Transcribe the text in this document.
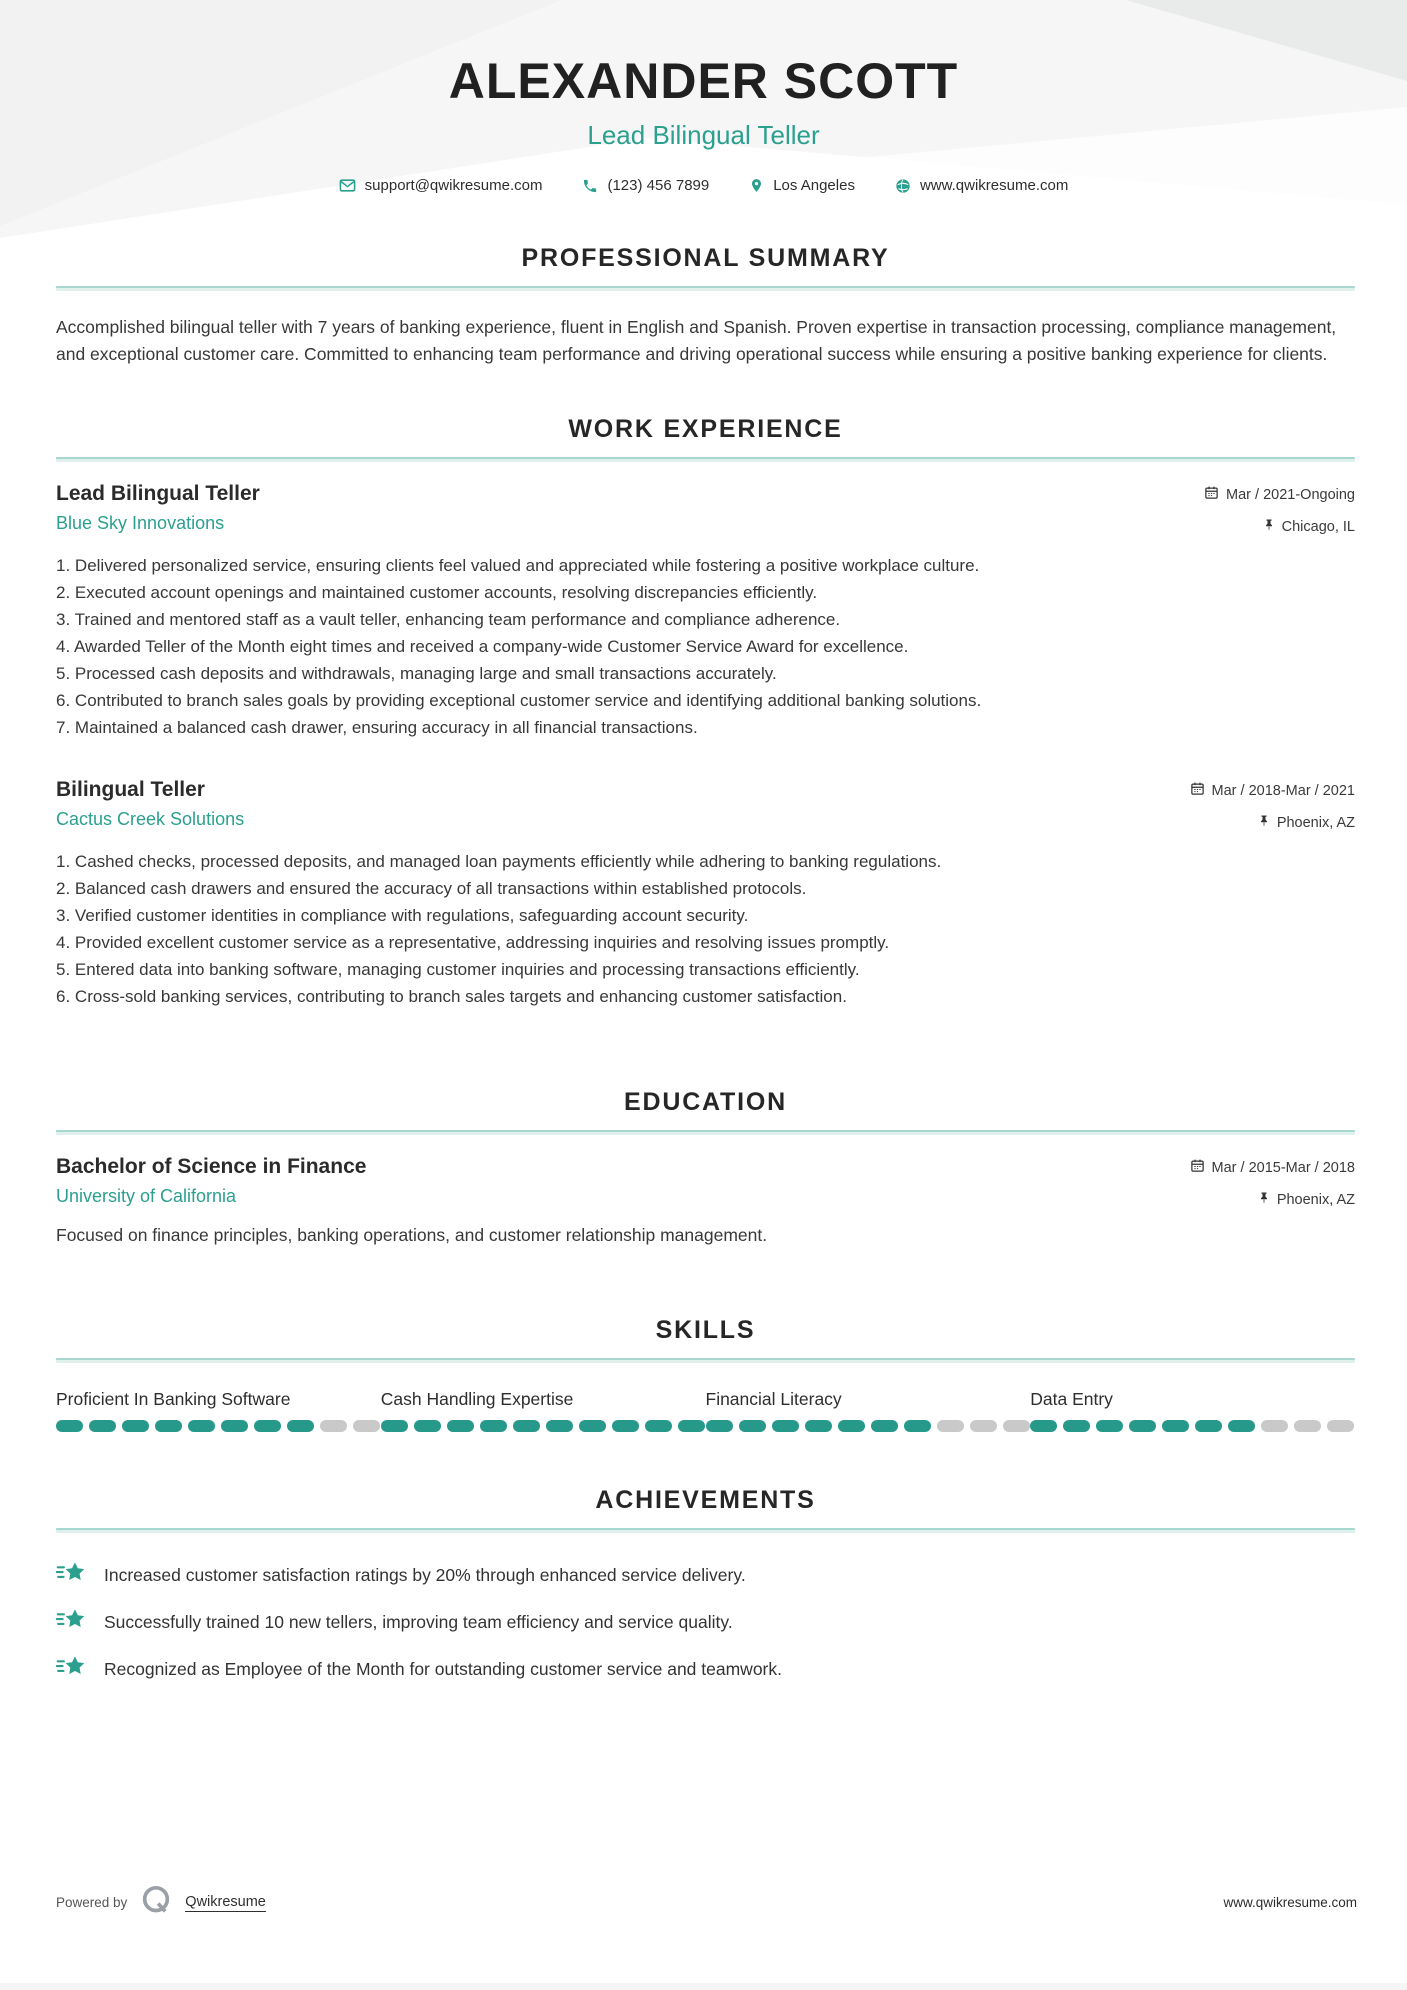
ALEXANDER SCOTT
Lead Bilingual Teller
support@qwikresume.com	(123) 456 7899	Los Angeles	www.qwikresume.com
PROFESSIONAL SUMMARY

Accomplished bilingual teller with 7 years of banking experience, fluent in English and Spanish. Proven expertise in transaction processing, compliance management, and exceptional customer care. Committed to enhancing team performance and driving operational success while ensuring a positive banking experience for clients.

WORK EXPERIENCE
Lead Bilingual Teller
Blue Sky Innovations
Mar / 2021-Ongoing
Chicago, IL
Delivered personalized service, ensuring clients feel valued and appreciated while fostering a positive workplace culture.
Executed account openings and maintained customer accounts, resolving discrepancies efficiently.
Trained and mentored staff as a vault teller, enhancing team performance and compliance adherence.
Awarded Teller of the Month eight times and received a company-wide Customer Service Award for excellence.
Processed cash deposits and withdrawals, managing large and small transactions accurately.
Contributed to branch sales goals by providing exceptional customer service and identifying additional banking solutions.
Maintained a balanced cash drawer, ensuring accuracy in all financial transactions.
Bilingual Teller
Cactus Creek Solutions
Mar / 2018-Mar / 2021
Phoenix, AZ
Cashed checks, processed deposits, and managed loan payments efficiently while adhering to banking regulations.
Balanced cash drawers and ensured the accuracy of all transactions within established protocols.
Verified customer identities in compliance with regulations, safeguarding account security.
Provided excellent customer service as a representative, addressing inquiries and resolving issues promptly.
Entered data into banking software, managing customer inquiries and processing transactions efficiently.
Cross-sold banking services, contributing to branch sales targets and enhancing customer satisfaction.
EDUCATION
Bachelor of Science in Finance
University of California
Mar / 2015-Mar / 2018
Phoenix, AZ

Focused on finance principles, banking operations, and customer relationship management.

SKILLS
Proficient In Banking Software	Cash Handling Expertise	Financial Literacy	Data Entry
ACHIEVEMENTS
Increased customer satisfaction ratings by 20% through enhanced service delivery.
Successfully trained 10 new tellers, improving team efficiency and service quality.
Recognized as Employee of the Month for outstanding customer service and teamwork.
Powered by	Qwikresume	www.qwikresume.com
